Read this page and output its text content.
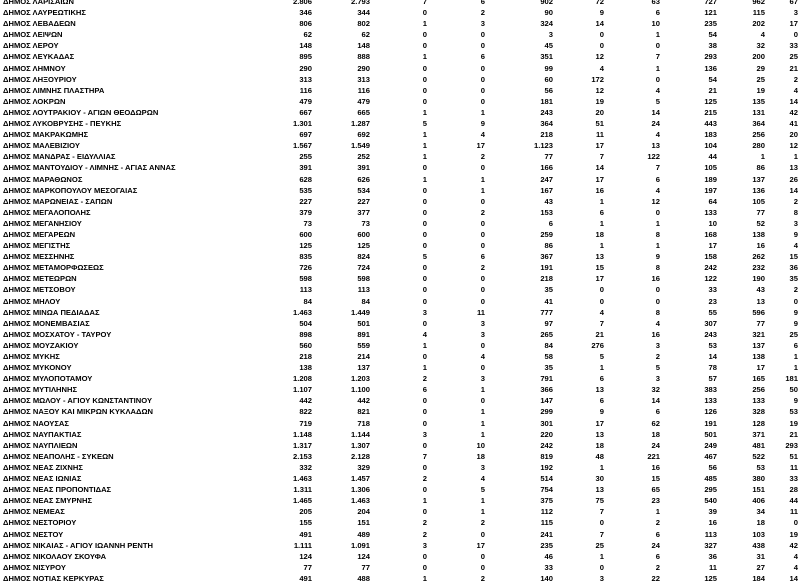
ΔΗΜΟΣ ΛΑΡΙΣΑΙΩΝ	2.806	2.793	7	6	902	72	63	727	962	67
ΔΗΜΟΣ ΛΑΥΡΕΩΤΙΚΗΣ	346	344	0	2	90	9	6	121	115	3
ΔΗΜΟΣ ΛΕΒΑΔΕΩΝ	806	802	1	3	324	14	10	235	202	17
ΔΗΜΟΣ ΛΕΙΨΩΝ	62	62	0	0	3	0	1	54	4	0
ΔΗΜΟΣ ΛΕΡΟΥ	148	148	0	0	45	0	0	38	32	33
ΔΗΜΟΣ ΛΕΥΚΑΔΑΣ	895	888	1	6	351	12	7	293	200	25
ΔΗΜΟΣ ΛΗΜΝΟΥ	290	290	0	0	99	4	1	136	29	21
ΔΗΜΟΣ ΛΗΞΟΥΡΙΟΥ	313	313	0	0	60	172	0	54	25	2
ΔΗΜΟΣ ΛΙΜΝΗΣ ΠΛΑΣΤΗΡΑ	116	116	0	0	56	12	4	21	19	4
ΔΗΜΟΣ ΛΟΚΡΩΝ	479	479	0	0	181	19	5	125	135	14
ΔΗΜΟΣ ΛΟΥΤΡΑΚΙΟΥ - ΑΓΙΩΝ ΘΕΟΔΩΡΩΝ	667	665	1	1	243	20	14	215	131	42
ΔΗΜΟΣ ΛΥΚΟΒΡΥΣΗΣ - ΠΕΥΚΗΣ	1.301	1.287	5	9	364	51	24	443	364	41
ΔΗΜΟΣ ΜΑΚΡΑΚΩΜΗΣ	697	692	1	4	218	11	4	183	256	20
ΔΗΜΟΣ ΜΑΛΕΒΙΖΙΟΥ	1.567	1.549	1	17	1.123	17	13	104	280	12
ΔΗΜΟΣ ΜΑΝΔΡΑΣ - ΕΙΔΥΛΛΙΑΣ	255	252	1	2	77	7	122	44	1	1
ΔΗΜΟΣ ΜΑΝΤΟΥΔΙΟΥ - ΛΙΜΝΗΣ - ΑΓΙΑΣ ΑΝΝΑΣ	391	391	0	0	166	14	7	105	86	13
ΔΗΜΟΣ ΜΑΡΑΘΩΝΟΣ	628	626	1	1	247	17	6	189	137	26
ΔΗΜΟΣ ΜΑΡΚΟΠΟΥΛΟΥ ΜΕΣΟΓΑΙΑΣ	535	534	0	1	167	16	4	197	136	14
ΔΗΜΟΣ ΜΑΡΩΝΕΙΑΣ - ΣΑΠΩΝ	227	227	0	0	43	1	12	64	105	2
ΔΗΜΟΣ ΜΕΓΑΛΟΠΟΛΗΣ	379	377	0	2	153	6	0	133	77	8
ΔΗΜΟΣ ΜΕΓΑΝΗΣΙΟΥ	73	73	0	0	6	1	1	10	52	3
ΔΗΜΟΣ ΜΕΓΑΡΕΩΝ	600	600	0	0	259	18	8	168	138	9
ΔΗΜΟΣ ΜΕΓΙΣΤΗΣ	125	125	0	0	86	1	1	17	16	4
ΔΗΜΟΣ ΜΕΣΣΗΝΗΣ	835	824	5	6	367	13	9	158	262	15
ΔΗΜΟΣ ΜΕΤΑΜΟΡΦΩΣΕΩΣ	726	724	0	2	191	15	8	242	232	36
ΔΗΜΟΣ ΜΕΤΕΩΡΩΝ	598	598	0	0	218	17	16	122	190	35
ΔΗΜΟΣ ΜΕΤΣΟΒΟΥ	113	113	0	0	35	0	0	33	43	2
ΔΗΜΟΣ ΜΗΛΟΥ	84	84	0	0	41	0	0	23	13	0
ΔΗΜΟΣ ΜΙΝΩΑ ΠΕΔΙΑΔΑΣ	1.463	1.449	3	11	777	4	8	55	596	9
ΔΗΜΟΣ ΜΟΝΕΜΒΑΣΙΑΣ	504	501	0	3	97	7	4	307	77	9
ΔΗΜΟΣ ΜΟΣΧΑΤΟΥ - ΤΑΥΡΟΥ	898	891	4	3	265	21	16	243	321	25
ΔΗΜΟΣ ΜΟΥΖΑΚΙΟΥ	560	559	1	0	84	276	3	53	137	6
ΔΗΜΟΣ ΜΥΚΗΣ	218	214	0	4	58	5	2	14	138	1
ΔΗΜΟΣ ΜΥΚΟΝΟΥ	138	137	1	0	35	1	5	78	17	1
ΔΗΜΟΣ ΜΥΛΟΠΟΤΑΜΟΥ	1.208	1.203	2	3	791	6	3	57	165	181
ΔΗΜΟΣ ΜΥΤΙΛΗΝΗΣ	1.107	1.100	6	1	366	13	32	383	256	50
ΔΗΜΟΣ ΜΩΛΟΥ - ΑΓΙΟΥ ΚΩΝΣΤΑΝΤΙΝΟΥ	442	442	0	0	147	6	14	133	133	9
ΔΗΜΟΣ ΝΑΞΟΥ ΚΑΙ ΜΙΚΡΩΝ ΚΥΚΛΑΔΩΝ	822	821	0	1	299	9	6	126	328	53
ΔΗΜΟΣ ΝΑΟΥΣΑΣ	719	718	0	1	301	17	62	191	128	19
ΔΗΜΟΣ ΝΑΥΠΑΚΤΙΑΣ	1.148	1.144	3	1	220	13	18	501	371	21
ΔΗΜΟΣ ΝΑΥΠΛΙΕΩΝ	1.317	1.307	0	10	242	18	24	249	481	293
ΔΗΜΟΣ ΝΕΑΠΟΛΗΣ - ΣΥΚΕΩΝ	2.153	2.128	7	18	819	48	221	467	522	51
ΔΗΜΟΣ ΝΕΑΣ ΖΙΧΝΗΣ	332	329	0	3	192	1	16	56	53	11
ΔΗΜΟΣ ΝΕΑΣ ΙΩΝΙΑΣ	1.463	1.457	2	4	514	30	15	485	380	33
ΔΗΜΟΣ ΝΕΑΣ ΠΡΟΠΟΝΤΙΔΑΣ	1.311	1.306	0	5	754	13	65	295	151	28
ΔΗΜΟΣ ΝΕΑΣ ΣΜΥΡΝΗΣ	1.465	1.463	1	1	375	75	23	540	406	44
ΔΗΜΟΣ ΝΕΜΕΑΣ	205	204	0	1	112	7	1	39	34	11
ΔΗΜΟΣ ΝΕΣΤΟΡΙΟΥ	155	151	2	2	115	0	2	16	18	0
ΔΗΜΟΣ ΝΕΣΤΟΥ	491	489	2	0	241	7	6	113	103	19
ΔΗΜΟΣ ΝΙΚΑΙΑΣ - ΑΓΙΟΥ ΙΩΑΝΝΗ ΡΕΝΤΗ	1.111	1.091	3	17	235	25	24	327	438	42
ΔΗΜΟΣ ΝΙΚΟΛΑΟΥ ΣΚΟΥΦΑ	124	124	0	0	46	1	6	36	31	4
ΔΗΜΟΣ ΝΙΣΥΡΟΥ	77	77	0	0	33	0	2	11	27	4
ΔΗΜΟΣ ΝΟΤΙΑΣ ΚΕΡΚΥΡΑΣ	491	488	1	2	140	3	22	125	184	14
